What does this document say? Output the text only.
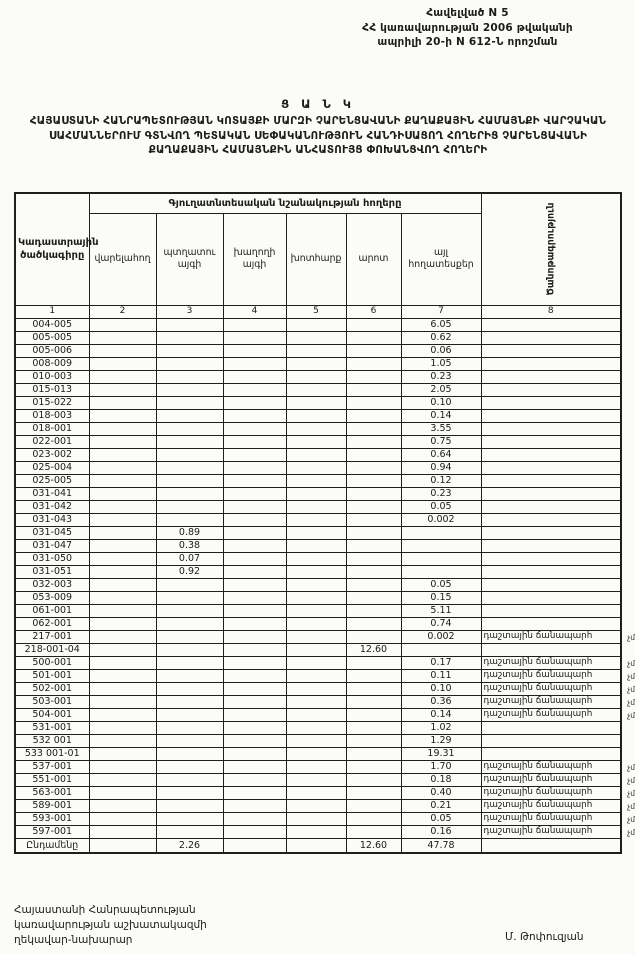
Հավելված N 5
ՀՀ կառավարության 2006 թվականի
ապրիլի 20-ի N 612-Ն որոշման
Ց Ա Ն Կ
ՀԱՅԱՍՏԱՆԻ ՀԱՆՐԱՊԵՏՈՒԹՅԱՆ ԿՈՏԱՅՔԻ ՄԱՐԶԻ ՉԱՐԵՆՑԱՎԱՆԻ ՔԱՂԱՔԱՅԻՆ ՀԱՄԱՅՆՔԻ ՎԱՐՉԱԿԱՆ ՍԱՀՄԱՆՆԵՐՈՒՄ ԳՏՆՎՈՂ ՊԵՏԱԿԱՆ ՍԵՓԱԿԱՆՈՒԹՅՈՒՆ ՀԱՆԴԻՍԱՑՈՂ ՀՈՂԵՐԻՑ ՉԱՐԵՆՑԱՎԱՆԻ ՔԱՂԱՔԱՅԻՆ ՀԱՄԱՅՆՔԻՆ ԱՆՀԱՏՈՒՅՑ ՓՈԽԱՆՑՎՈՂ ՀՈՂԵՐԻ
Կադաստրային ծածկագիրը	Գյուղատնտեսական նշանակության հողերը						Ծանոթագրություն

	վարելահող	պտղատու այգի	խաղողի այգի	խոտհարք	արոտ	այլ հողատեսքեր	
1	2	3	4	5	6	7	8
004-005						6.05	
005-005						0.62	
005-006						0.06	
008-009						1.05	
010-003						0.23	
015-013						2.05	
015-022						0.10	
018-003						0.14	
018-001						3.55	
022-001						0.75	
023-002						0.64	
025-004						0.94	
025-005						0.12	
031-041						0.23	
031-042						0.05	
031-043						0.002	
031-045		0.89					
031-047		0.38					
031-050		0.07					
031-051		0.92					
032-003						0.05	
053-009						0.15	
061-001						5.11	
062-001						0.74	
217-001						0.002	դաշտային ճանապարհ չմ

218-001-04					12.60		
500-001						0.17	դաշտային ճանապարհ չմ

501-001						0.11	դաշտային ճանապարհ չմ

502-001						0.10	դաշտային ճանապարհ չմ

503-001						0.36	դաշտային ճանապարհ չմ

504-001						0.14	դաշտային ճանապարհ չմ

531-001						1.02	
532 001						1.29	
533 001-01						19.31	
537-001						1.70	դաշտային ճանապարհ չմ

551-001						0.18	դաշտային ճանապարհ չմ

563-001						0.40	դաշտային ճանապարհ չմ

589-001						0.21	դաշտային ճանապարհ չմ

593-001						0.05	դաշտային ճանապարհ չմ

597-001						0.16	դաշտային ճանապարհ չմ

Ընդամենը		2.26			12.60	47.78	
Հայաստանի Հանրապետության
կառավարության աշխատակազմի
ղեկավար-նախարար	Մ. Թոփուզյան
